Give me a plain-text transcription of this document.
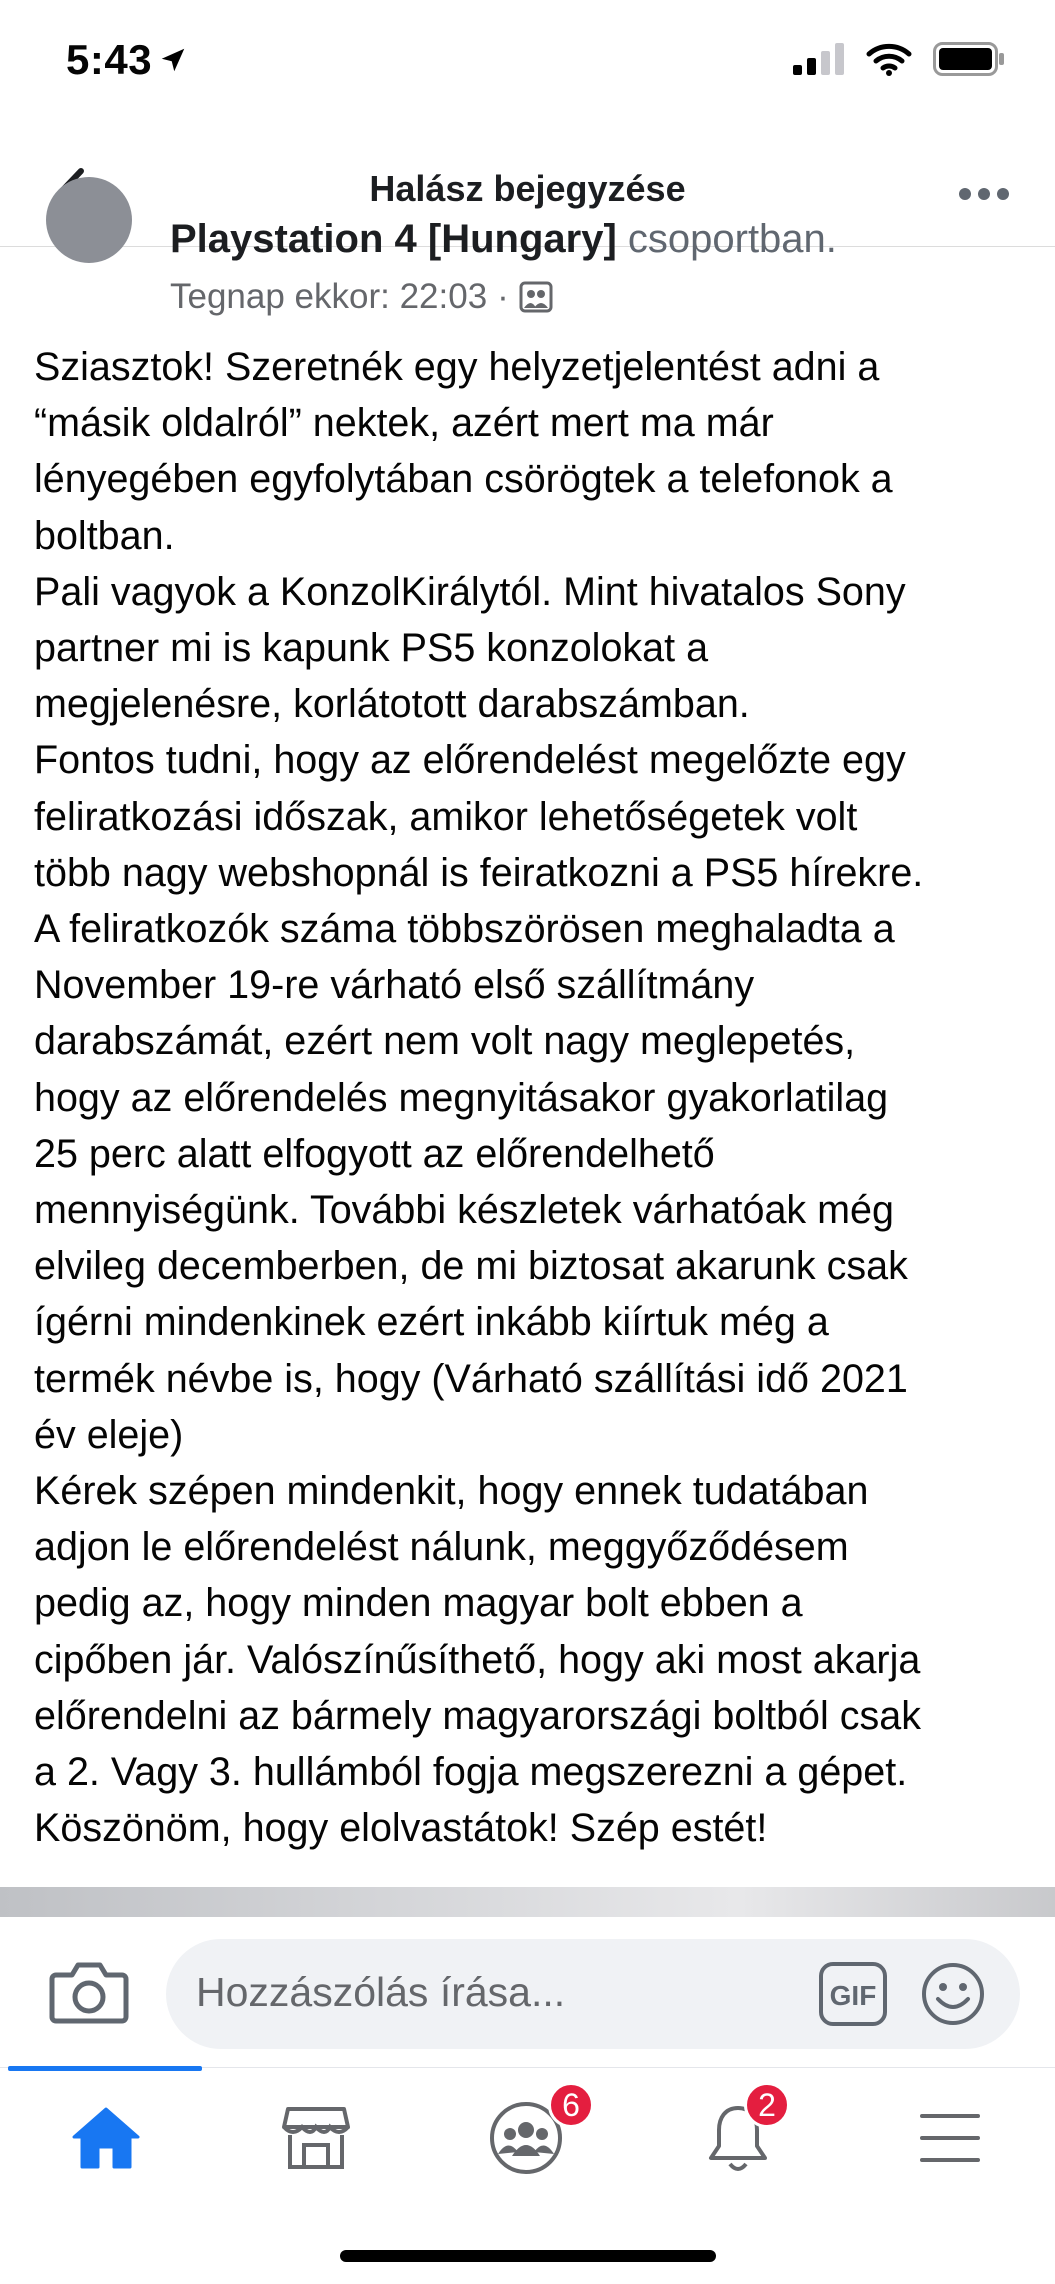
5:43
Halász bejegyzése
Playstation 4 [Hungary] csoportban.
Tegnap ekkor: 22:03 ·
Sziasztok! Szeretnék egy helyzetjelentést adni a
“másik oldalról” nektek, azért mert ma már
lényegében egyfolytában csörögtek a telefonok a
boltban.
Pali vagyok a KonzolKirálytól. Mint hivatalos Sony
partner mi is kapunk PS5 konzolokat a
megjelenésre, korlátotott darabszámban.
Fontos tudni, hogy az előrendelést megelőzte egy
feliratkozási időszak, amikor lehetőségetek volt
több nagy webshopnál is feiratkozni a PS5 hírekre.
A feliratkozók száma többszörösen meghaladta a
November 19-re várható első szállítmány
darabszámát, ezért nem volt nagy meglepetés,
hogy az előrendelés megnyitásakor gyakorlatilag
25 perc alatt elfogyott az előrendelhető
mennyiségünk. További készletek várhatóak még
elvileg decemberben, de mi biztosat akarunk csak
ígérni mindenkinek ezért inkább kiírtuk még a
termék névbe is, hogy (Várható szállítási idő 2021
év eleje)
Kérek szépen mindenkit, hogy ennek tudatában
adjon le előrendelést nálunk, meggyőződésem
pedig az, hogy minden magyar bolt ebben a
cipőben jár. Valószínűsíthető, hogy aki most akarja
előrendelni az bármely magyarországi boltból csak
a 2. Vagy 3. hullámból fogja megszerezni a gépet.
Köszönöm, hogy elolvastátok! Szép estét!
Hozzászólás írása...	GIF
6	2
